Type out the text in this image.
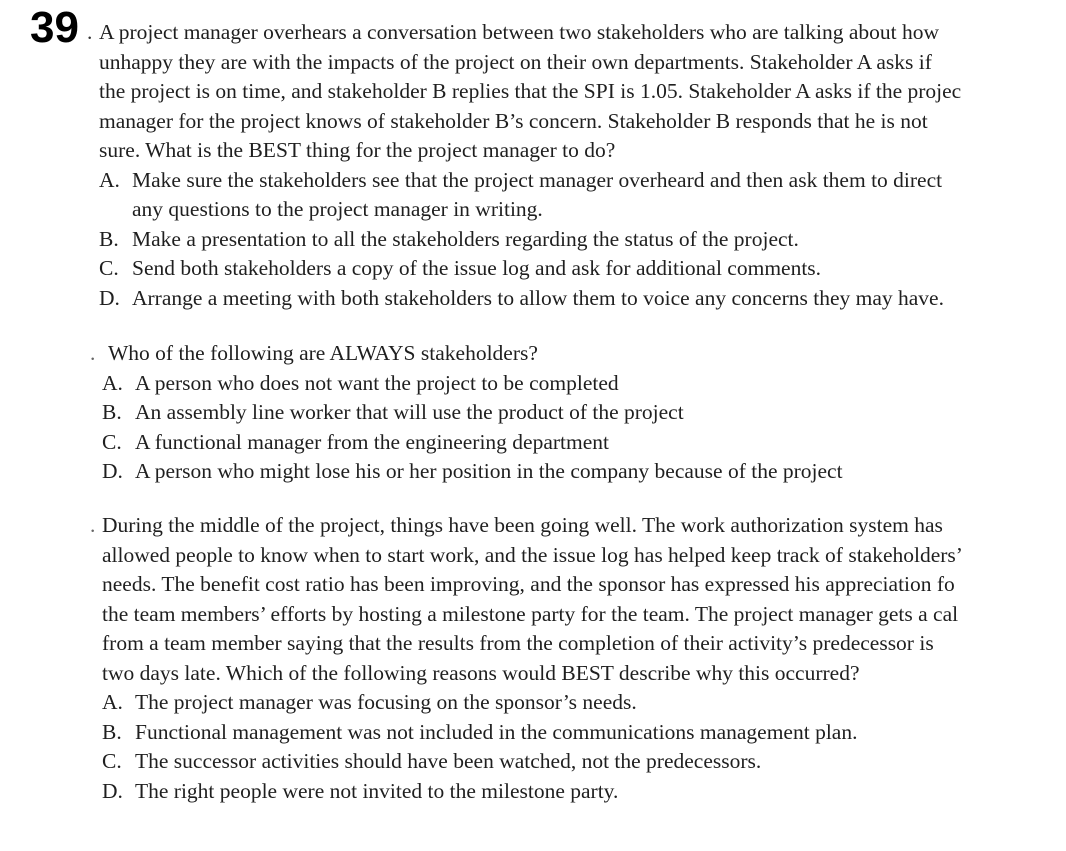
39 . A project manager overhears a conversation between two stakeholders who are talking about how
unhappy they are with the impacts of the project on their own departments. Stakeholder A asks if
the project is on time, and stakeholder B replies that the SPI is 1.05. Stakeholder A asks if the projec
manager for the project knows of stakeholder B’s concern. Stakeholder B responds that he is not
sure. What is the BEST thing for the project manager to do?
A. Make sure the stakeholders see that the project manager overheard and then ask them to direct
any questions to the project manager in writing.
B. Make a presentation to all the stakeholders regarding the status of the project.
C. Send both stakeholders a copy of the issue log and ask for additional comments.
D. Arrange a meeting with both stakeholders to allow them to voice any concerns they may have.
. Who of the following are ALWAYS stakeholders?
A. A person who does not want the project to be completed
B. An assembly line worker that will use the product of the project
C. A functional manager from the engineering department
D. A person who might lose his or her position in the company because of the project
. During the middle of the project, things have been going well. The work authorization system has
allowed people to know when to start work, and the issue log has helped keep track of stakeholders’
needs. The benefit cost ratio has been improving, and the sponsor has expressed his appreciation fo
the team members’ efforts by hosting a milestone party for the team. The project manager gets a cal
from a team member saying that the results from the completion of their activity’s predecessor is
two days late. Which of the following reasons would BEST describe why this occurred?
A. The project manager was focusing on the sponsor’s needs.
B. Functional management was not included in the communications management plan.
C. The successor activities should have been watched, not the predecessors.
D. The right people were not invited to the milestone party.
